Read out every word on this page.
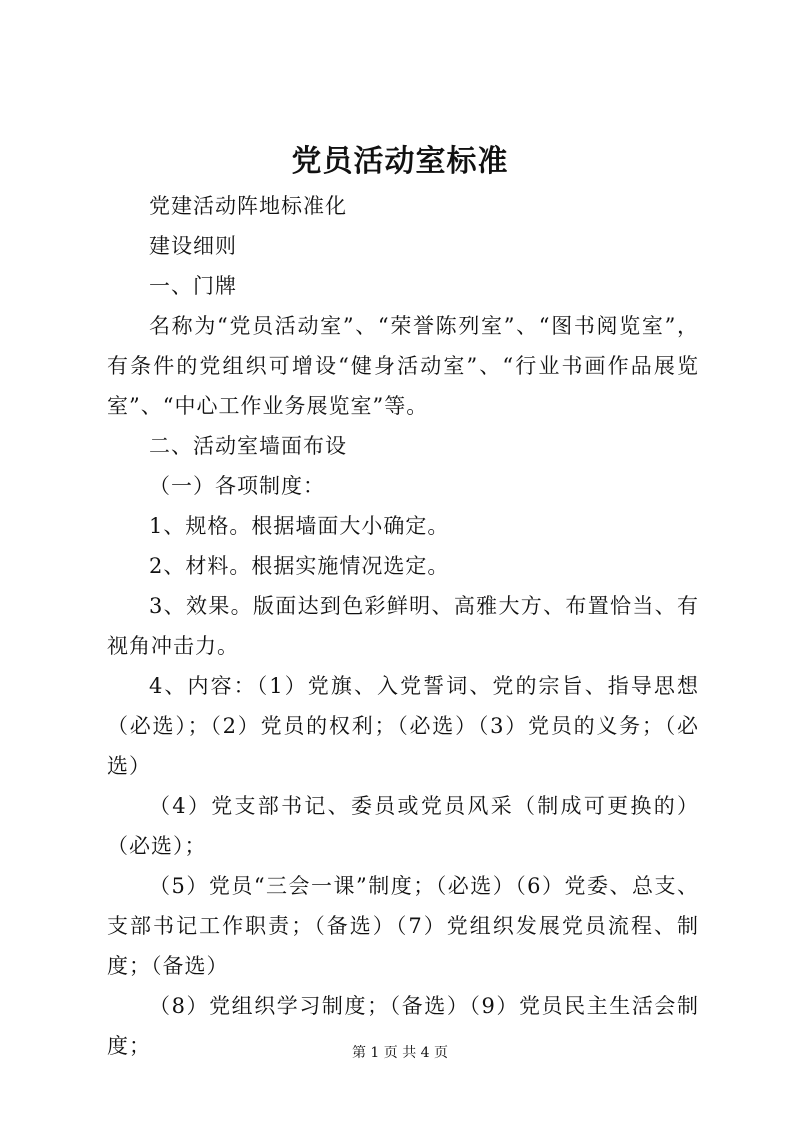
党员活动室标准

党建活动阵地标准化

建设细则

一、门牌

名称为“党员活动室”、“荣誉陈列室”、“图书阅览室”，有条件的党组织可增设“健身活动室”、“行业书画作品展览室”、“中心工作业务展览室”等。

二、活动室墙面布设

（一）各项制度：

1、规格。根据墙面大小确定。

2、材料。根据实施情况选定。

3、效果。版面达到色彩鲜明、高雅大方、布置恰当、有视角冲击力。

4、内容：（1）党旗、入党誓词、党的宗旨、指导思想（必选）；（2）党员的权利；（必选）（3）党员的义务；（必选）

（4）党支部书记、委员或党员风采（制成可更换的）（必选）；

（5）党员“三会一课”制度；（必选）（6）党委、总支、支部书记工作职责；（备选）（7）党组织发展党员流程、制度；（备选）

（8）党组织学习制度；（备选）（9）党员民主生活会制度；	第 1 页 共 4 页
